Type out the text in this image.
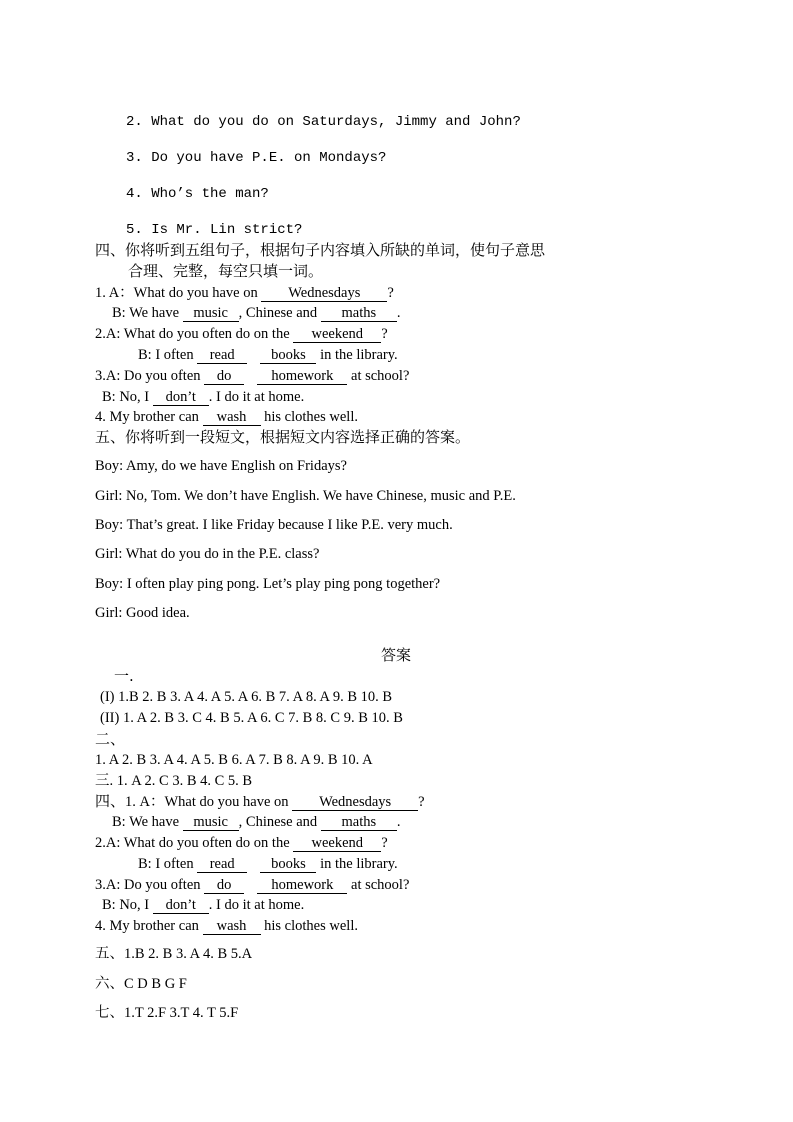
2. What do you do on Saturdays, Jimmy and John?
3. Do you have P.E. on Mondays?
4. Who’s the man?
5. Is Mr. Lin strict?
四、你将听到五组句子，根据句子内容填入所缺的单词，使句子意思
合理、完整，每空只填一词。
1. A：What do you have on Wednesdays ?
B: We have music , Chinese and maths .
2.A: What do you often do on the weekend ?
B: I often read	books in the library.
3.A: Do you often do	homework at school?
B: No, I don’t . I do it at home.
4. My brother can wash his clothes well.
五、你将听到一段短文，根据短文内容选择正确的答案。
Boy: Amy, do we have English on Fridays?
Girl: No, Tom. We don’t have English. We have Chinese, music and P.E.
Boy: That’s great. I like Friday because I like P.E. very much.
Girl: What do you do in the P.E. class?
Boy: I often play ping pong. Let’s play ping pong together?
Girl: Good idea.
答案
一.
(I) 1.B 2. B 3. A 4. A 5. A 6. B 7. A 8. A 9. B 10. B
(II) 1. A 2. B 3. C 4. B 5. A 6. C 7. B 8. C 9. B 10. B
二、
1. A 2. B 3. A 4. A 5. B 6. A 7. B 8. A 9. B 10. A
三. 1. A 2. C 3. B 4. C 5. B
四、1. A：What do you have on Wednesdays ?
B: We have music , Chinese and maths .
2.A: What do you often do on the weekend ?
B: I often read	books in the library.
3.A: Do you often do	homework at school?
B: No, I don’t . I do it at home.
4. My brother can wash his clothes well.
五、1.B 2. B 3. A 4. B 5.A
六、C D B G F
七、1.T 2.F 3.T 4. T 5.F
